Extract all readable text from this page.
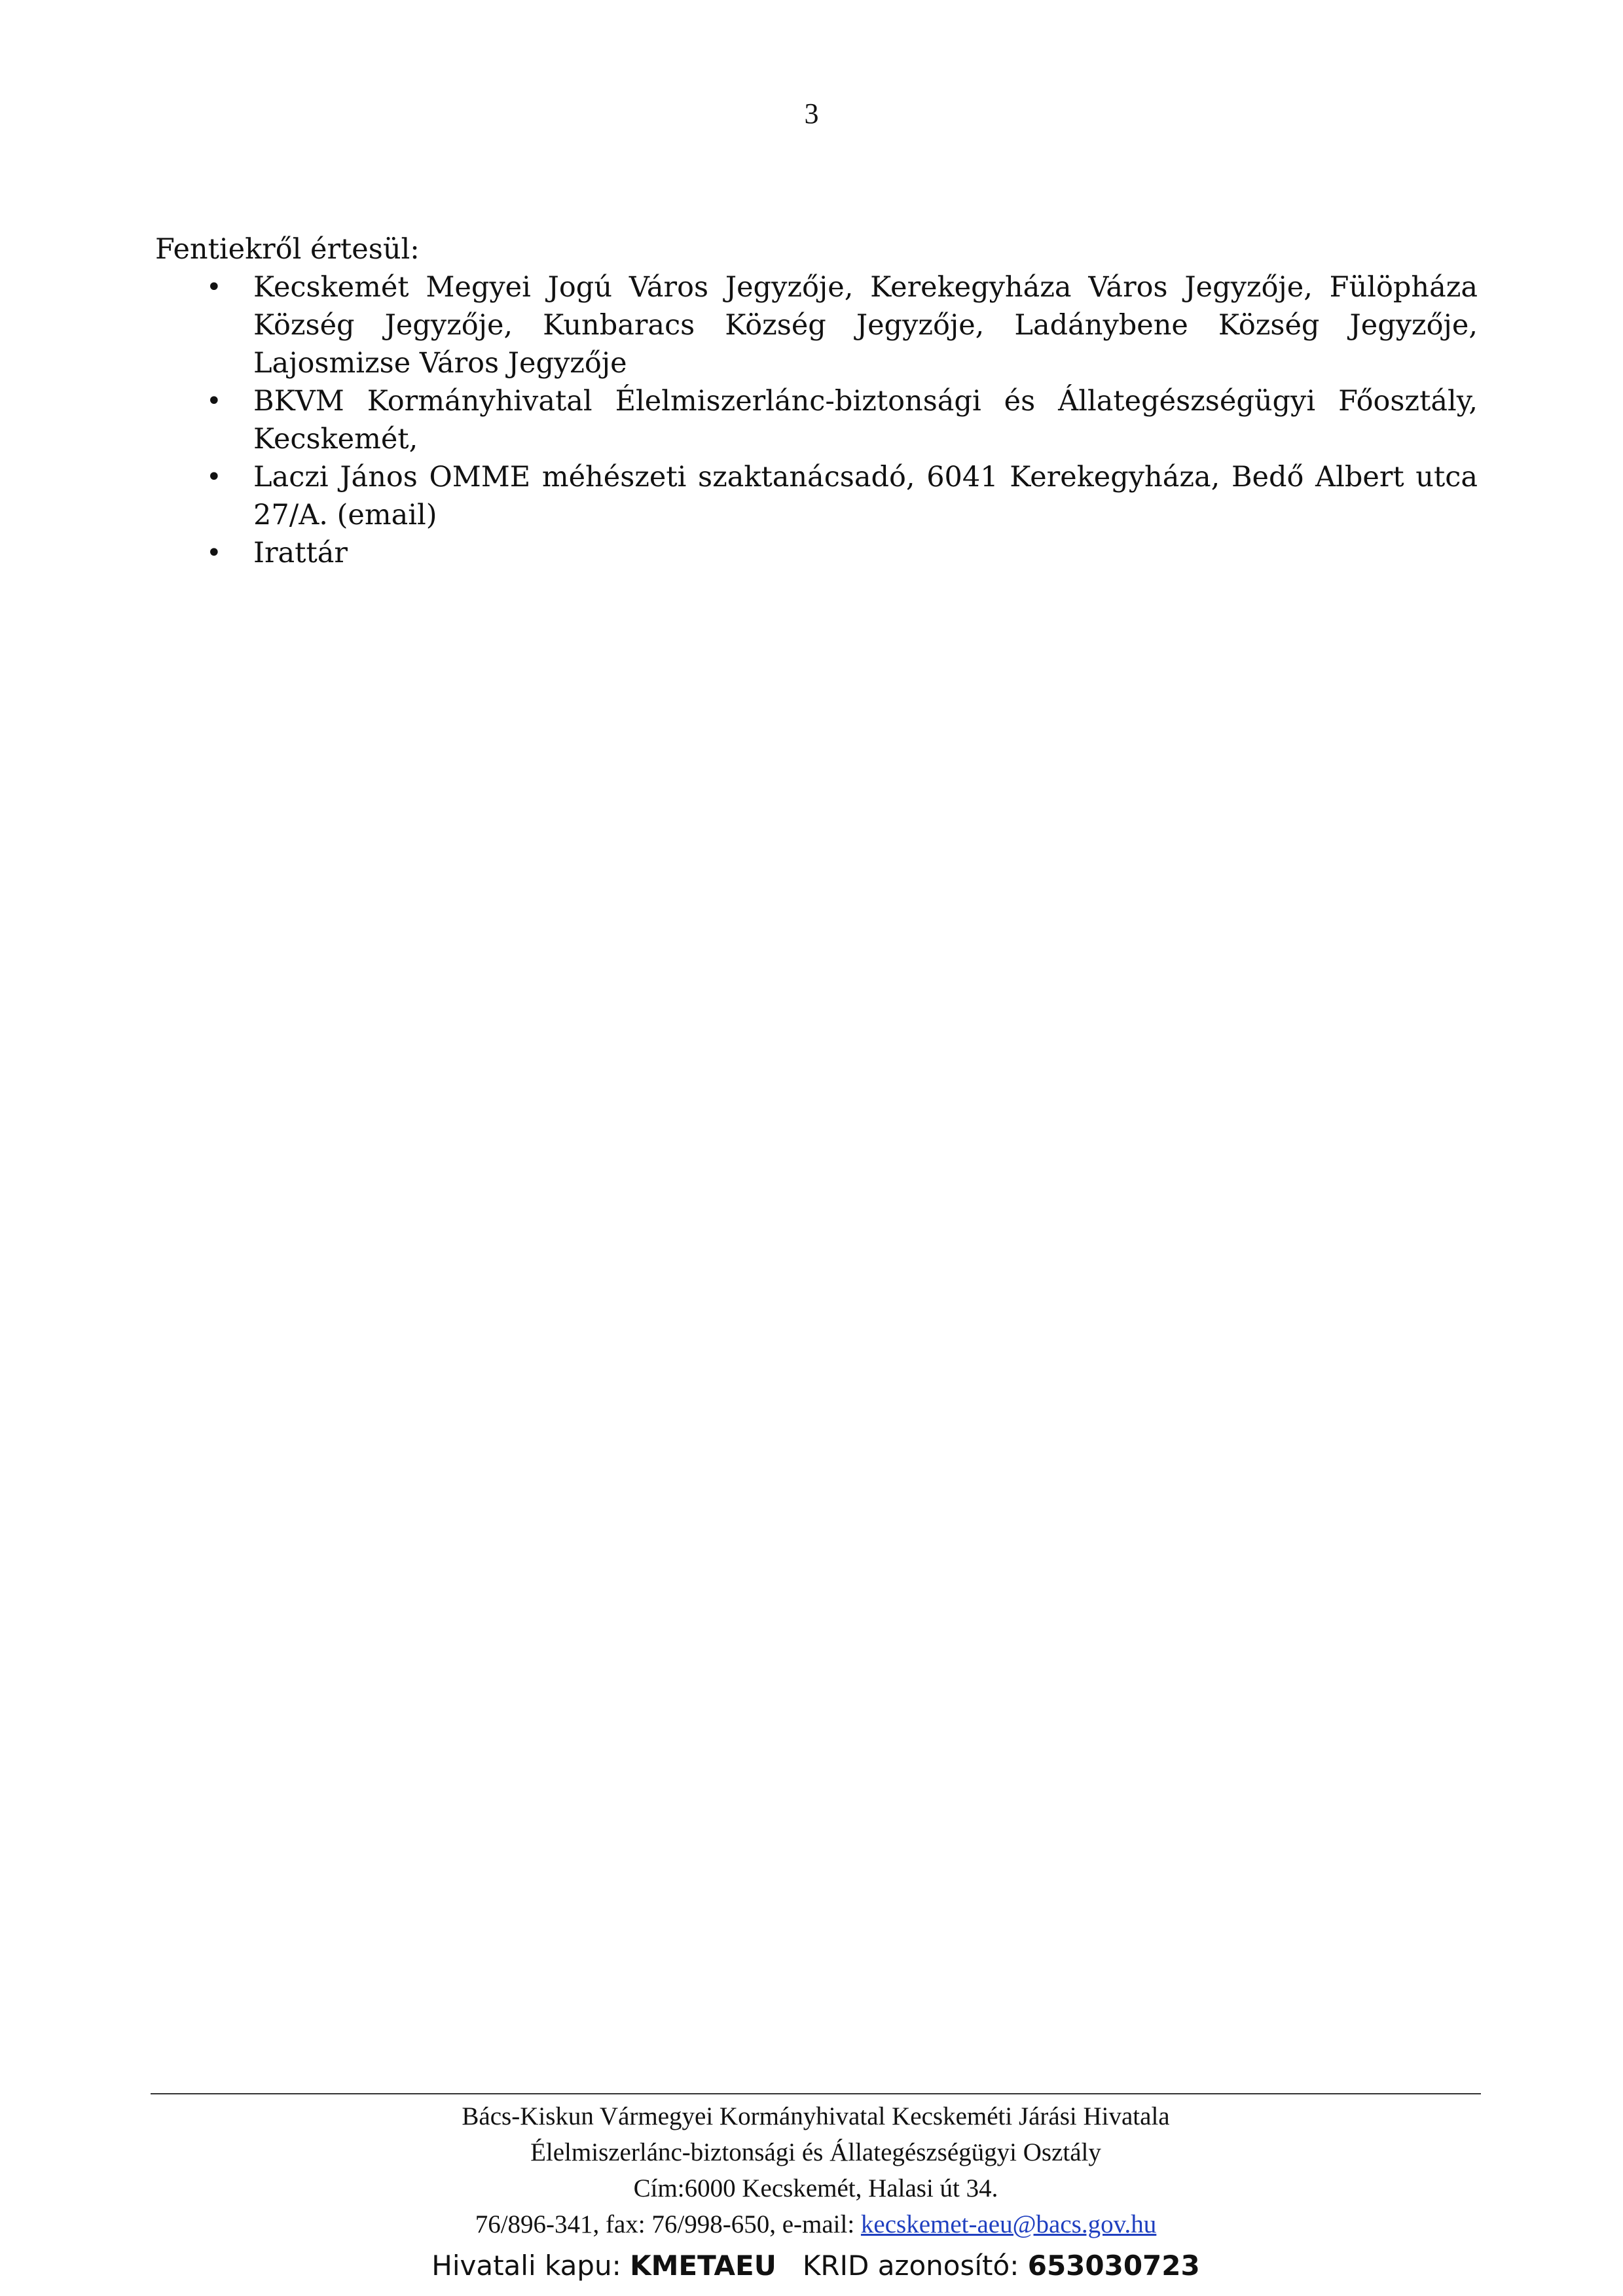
3
Fentiekről értesül:
• Kecskemét Megyei Jogú Város Jegyzője, Kerekegyháza Város Jegyzője, Fülöpháza Község Jegyzője, Kunbaracs Község Jegyzője, Ladánybene Község Jegyzője, Lajosmizse Város Jegyzője
• BKVM Kormányhivatal Élelmiszerlánc-biztonsági és Állategészségügyi Főosztály, Kecskemét,
• Laczi János OMME méhészeti szaktanácsadó, 6041 Kerekegyháza, Bedő Albert utca 27/A. (email)
• Irattár
Bács-Kiskun Vármegyei Kormányhivatal Kecskeméti Járási Hivatala
Élelmiszerlánc-biztonsági és Állategészségügyi Osztály
Cím:6000 Kecskemét, Halasi út 34.
76/896-341, fax: 76/998-650, e-mail: kecskemet-aeu@bacs.gov.hu
Hivatali kapu: KMETAEU KRID azonosító: 653030723
